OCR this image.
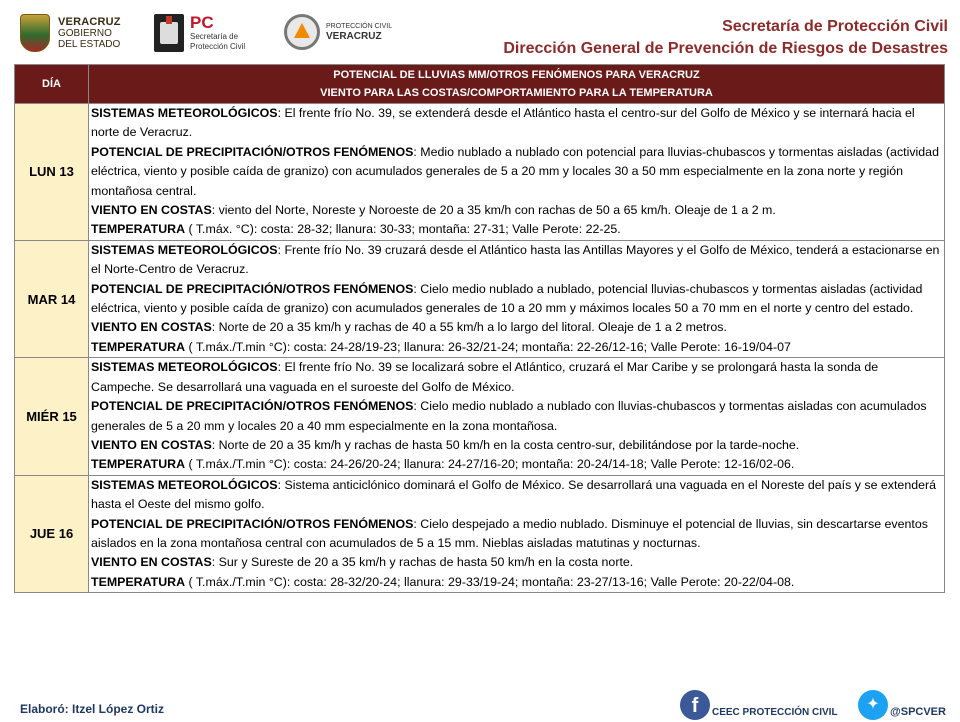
VERACRUZ
GOBIERNO
DEL ESTADO
PC
Secretaría de
Protección Civil
PROTECCIÓN CIVIL
VERACRUZ
Secretaría de Protección Civil
Dirección General de Prevención de Riesgos de Desastres
DÍA	POTENCIAL DE LLUVIAS MM/OTROS FENÓMENOS PARA VERACRUZ
VIENTO PARA LAS COSTAS/COMPORTAMIENTO PARA LA TEMPERATURA

LUN 13	SISTEMAS METEOROLÓGICOS: El frente frío No. 39, se extenderá desde el Atlántico hasta el centro-sur del Golfo de México y se internará hacia el norte de Veracruz.
POTENCIAL DE PRECIPITACIÓN/OTROS FENÓMENOS: Medio nublado a nublado con potencial para lluvias-chubascos y tormentas aisladas (actividad eléctrica, viento y posible caída de granizo) con acumulados generales de 5 a 20 mm y locales 30 a 50 mm especialmente en la zona norte y región montañosa central.
VIENTO EN COSTAS: viento del Norte, Noreste y Noroeste de 20 a 35 km/h con rachas de 50 a 65 km/h. Oleaje de 1 a 2 m.
TEMPERATURA ( T.máx. °C): costa: 28-32; llanura: 30-33; montaña: 27-31; Valle Perote: 22-25.

MAR 14	SISTEMAS METEOROLÓGICOS: Frente frío No. 39 cruzará desde el Atlántico hasta las Antillas Mayores y el Golfo de México, tenderá a estacionarse en el Norte-Centro de Veracruz.
POTENCIAL DE PRECIPITACIÓN/OTROS FENÓMENOS: Cielo medio nublado a nublado, potencial lluvias-chubascos y tormentas aisladas (actividad eléctrica, viento y posible caída de granizo) con acumulados generales de 10 a 20 mm y máximos locales 50 a 70 mm en el norte y centro del estado.
VIENTO EN COSTAS: Norte de 20 a 35 km/h y rachas de 40 a 55 km/h a lo largo del litoral. Oleaje de 1 a 2 metros.
TEMPERATURA ( T.máx./T.min °C): costa: 24-28/19-23; llanura: 26-32/21-24; montaña: 22-26/12-16; Valle Perote: 16-19/04-07

MIÉR 15	SISTEMAS METEOROLÓGICOS: El frente frío No. 39 se localizará sobre el Atlántico, cruzará el Mar Caribe y se prolongará hasta la sonda de Campeche. Se desarrollará una vaguada en el suroeste del Golfo de México.
POTENCIAL DE PRECIPITACIÓN/OTROS FENÓMENOS: Cielo medio nublado a nublado con lluvias-chubascos y tormentas aisladas con acumulados generales de 5 a 20 mm y locales 20 a 40 mm especialmente en la zona montañosa.
VIENTO EN COSTAS: Norte de 20 a 35 km/h y rachas de hasta 50 km/h en la costa centro-sur, debilitándose por la tarde-noche.
TEMPERATURA ( T.máx./T.min °C): costa: 24-26/20-24; llanura: 24-27/16-20; montaña: 20-24/14-18; Valle Perote: 12-16/02-06.

JUE 16	SISTEMAS METEOROLÓGICOS: Sistema anticiclónico dominará el Golfo de México. Se desarrollará una vaguada en el Noreste del país y se extenderá hasta el Oeste del mismo golfo.
POTENCIAL DE PRECIPITACIÓN/OTROS FENÓMENOS: Cielo despejado a medio nublado. Disminuye el potencial de lluvias, sin descartarse eventos aislados en la zona montañosa central con acumulados de 5 a 15 mm. Nieblas aisladas matutinas y nocturnas.
VIENTO EN COSTAS: Sur y Sureste de 20 a 35 km/h y rachas de hasta 50 km/h en la costa norte.
TEMPERATURA ( T.máx./T.min °C): costa: 28-32/20-24; llanura: 29-33/19-24; montaña: 23-27/13-16; Valle Perote: 20-22/04-08.
Elaboró: Itzel López Ortiz	f	CEEC PROTECCIÓN CIVIL	✦ @SPCVER
